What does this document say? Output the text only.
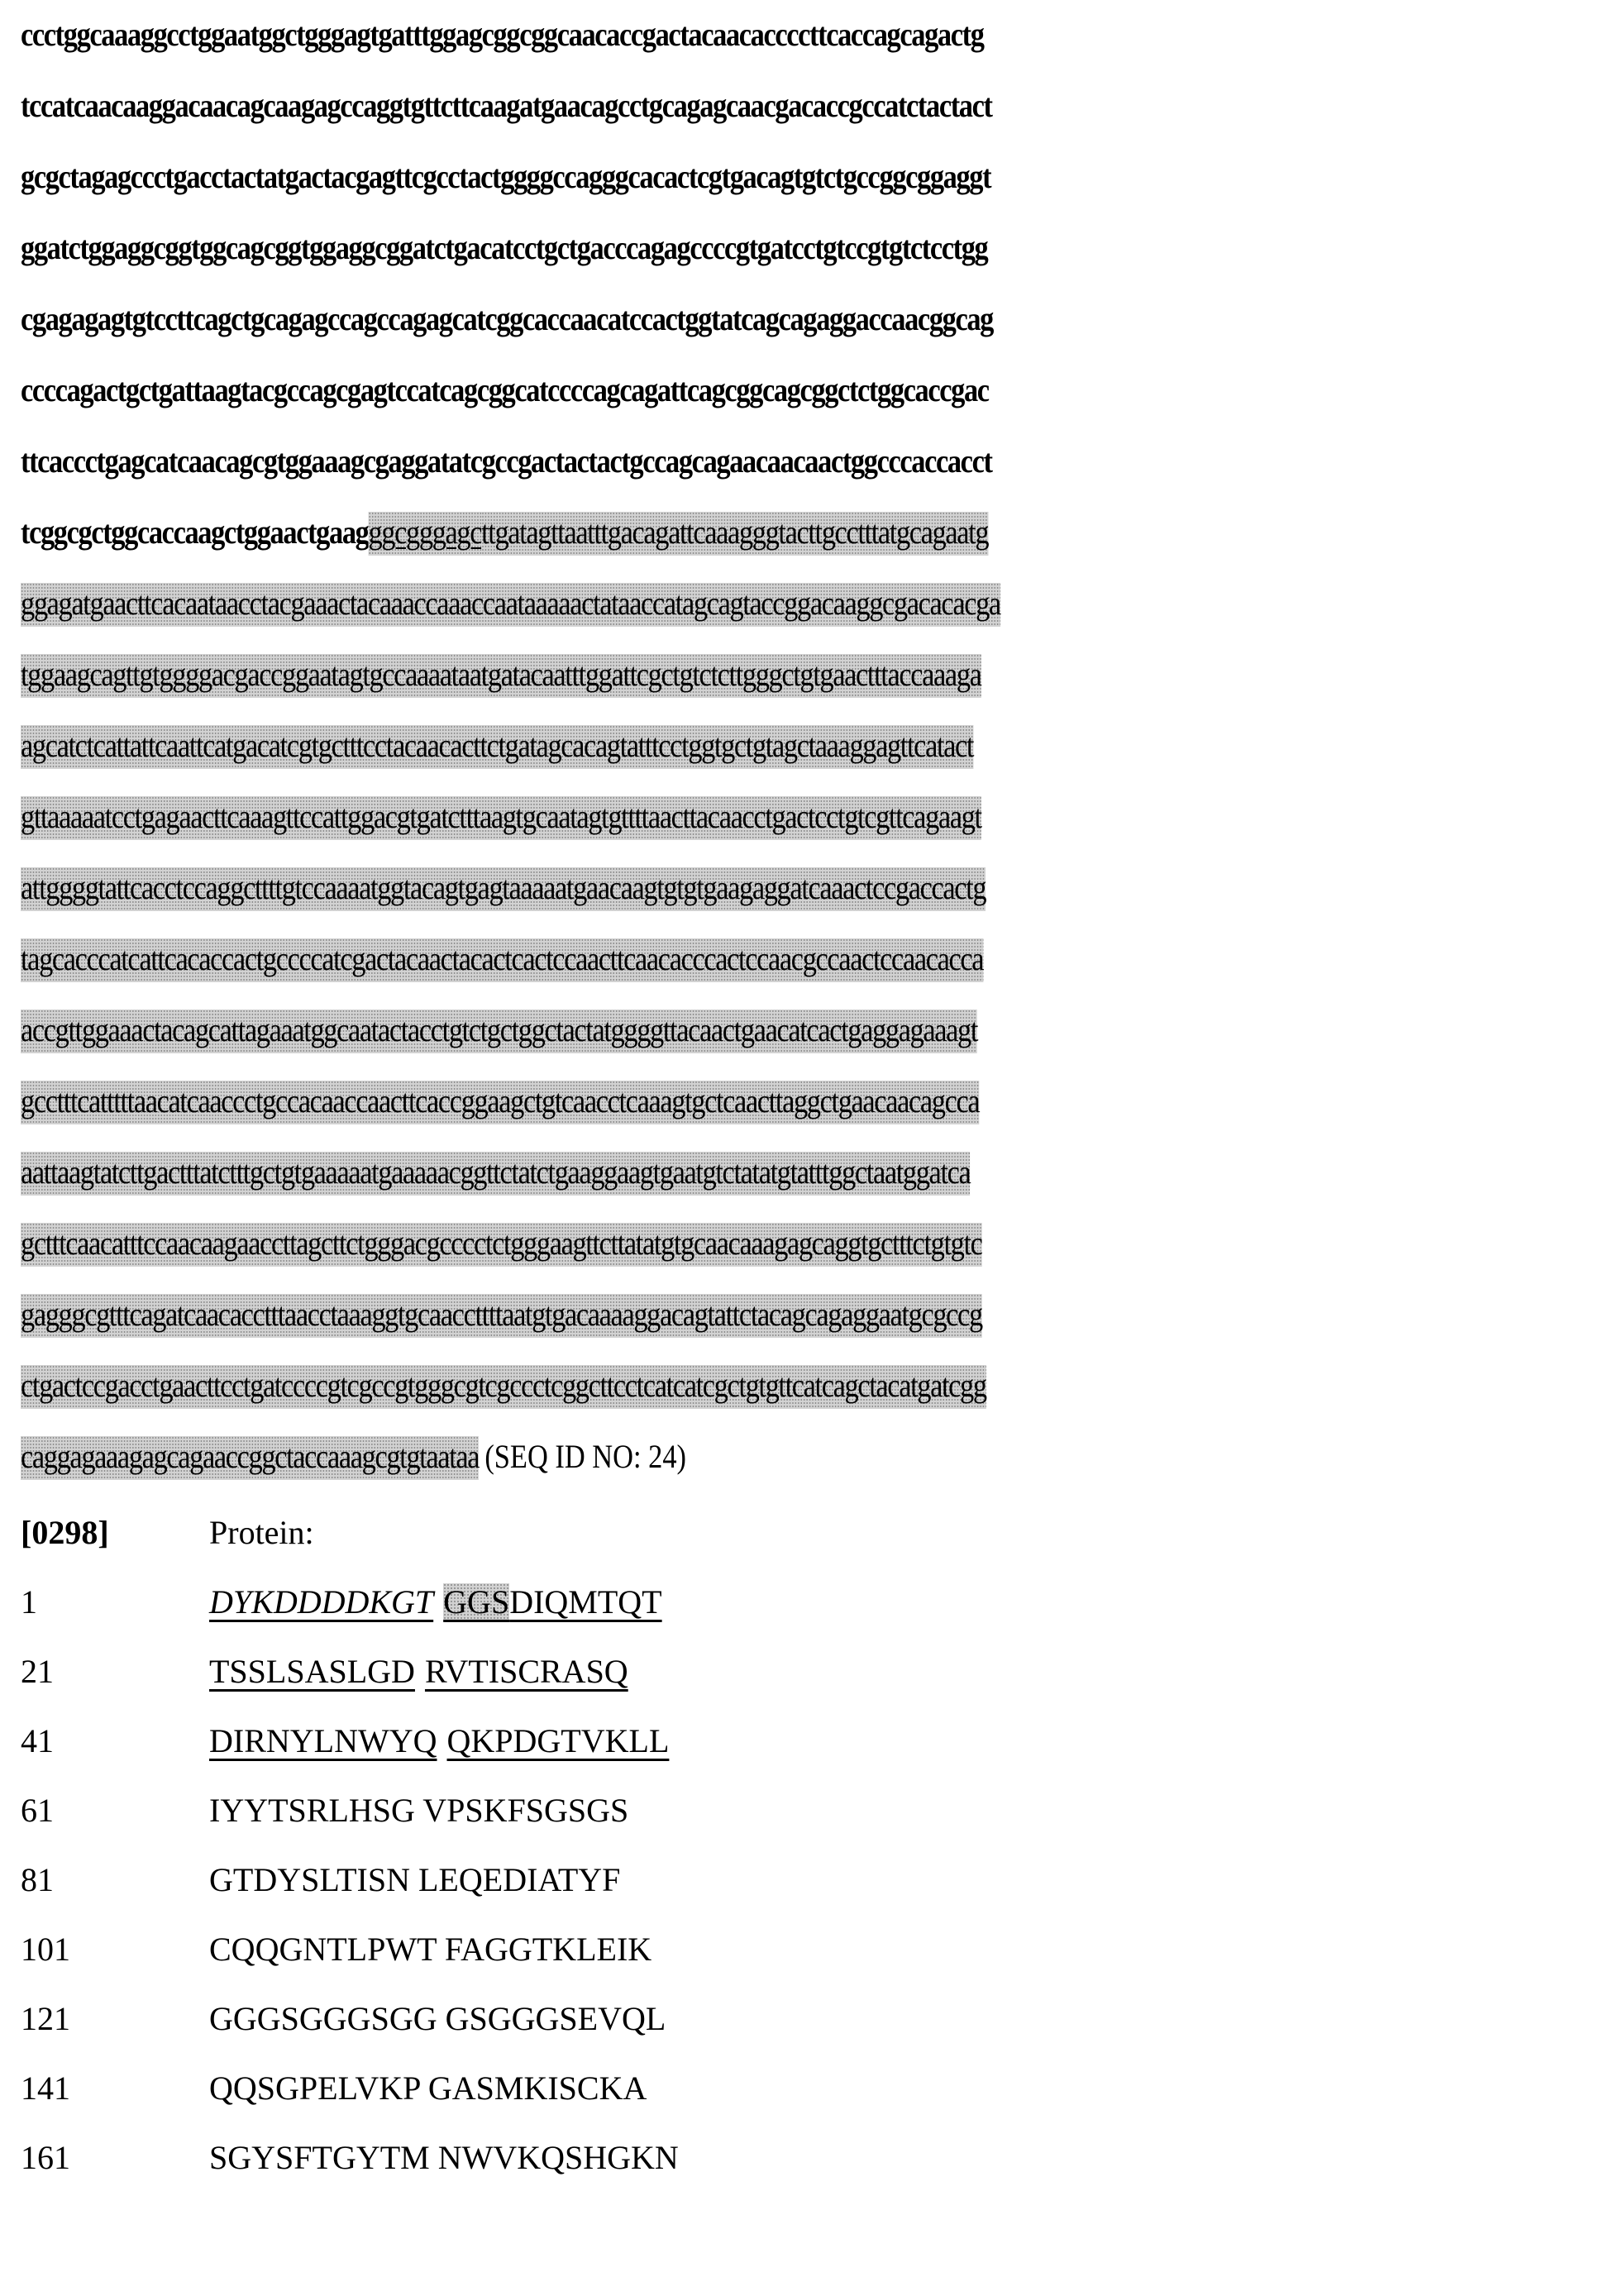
ccctggcaaaggcctggaatggctgggagtgatttggagcggcggcaacaccgactacaacaccccttcaccagcagactg
tccatcaacaaggacaacagcaagagccaggtgttcttcaagatgaacagcctgcagagcaacgacaccgccatctactact
gcgctagagccctgacctactatgactacgagttcgcctactggggccagggcacactcgtgacagtgtctgccggcggaggt
ggatctggaggcggtggcagcggtggaggcggatctgacatcctgctgacccagagccccgtgatcctgtccgtgtctcctgg
cgagagagtgtccttcagctgcagagccagccagagcatcggcaccaacatccactggtatcagcagaggaccaacggcag
ccccagactgctgattaagtacgccagcgagtccatcagcggcatccccagcagattcagcggcagcggctctggcaccgac
ttcaccctgagcatcaacagcgtggaaagcgaggatatcgccgactactactgccagcagaacaacaactggcccaccacct
tcggcgctggcaccaagctggaactgaagggcgggagcttgatagttaatttgacagattcaaagggtacttgcctttatgcagaatg
ggagatgaacttcacaataacctacgaaactacaaaccaaaccaataaaaactataaccatagcagtaccggacaaggcgacacacga
tggaagcagttgtggggacgaccggaatagtgccaaaataatgatacaatttggattcgctgtctcttgggctgtgaactttaccaaaga
agcatctcattattcaattcatgacatcgtgctttcctacaacacttctgatagcacagtatttcctggtgctgtagctaaaggagttcatact
gttaaaaatcctgagaacttcaaagttccattggacgtgatctttaagtgcaatagtgttttaacttacaacctgactcctgtcgttcagaagt
attggggtattcacctccaggcttttgtccaaaatggtacagtgagtaaaaatgaacaagtgtgtgaagaggatcaaactccgaccactg
tagcacccatcattcacaccactgccccatcgactacaactacactcactccaacttcaacacccactccaacgccaactccaacacca
accgttggaaactacagcattagaaatggcaatactacctgtctgctggctactatggggttacaactgaacatcactgaggagaaagt
gcctttcatttttaacatcaaccctgccacaaccaacttcaccggaagctgtcaacctcaaagtgctcaacttaggctgaacaacagcca
aattaagtatcttgactttatctttgctgtgaaaaatgaaaaacggttctatctgaaggaagtgaatgtctatatgtatttggctaatggatca
gctttcaacatttccaacaagaaccttagcttctgggacgcccctctgggaagttcttatatgtgcaacaaagagcaggtgctttctgtgtc
gagggcgtttcagatcaacacctttaacctaaaggtgcaaccttttaatgtgacaaaaggacagtattctacagcagaggaatgcgccg
ctgactccgacctgaacttcctgatccccgtcgccgtgggcgtcgccctcggcttcctcatcatcgctgtgttcatcagctacatgatcgg
caggagaaagagcagaaccggctaccaaagcgtgtaataa (SEQ ID NO: 24)
[0298]	Protein:
1	DYKDDDDKGT GGSDIQMTQT
21	TSSLSASLGD RVTISCRASQ
41	DIRNYLNWYQ QKPDGTVKLL
61	IYYTSRLHSG VPSKFSGSGS
81	GTDYSLTISN LEQEDIATYF
101	CQQGNTLPWT FAGGTKLEIK
121	GGGSGGGSGG GSGGGSEVQL
141	QQSGPELVKP GASMKISCKA
161	SGYSFTGYTM NWVKQSHGKN
